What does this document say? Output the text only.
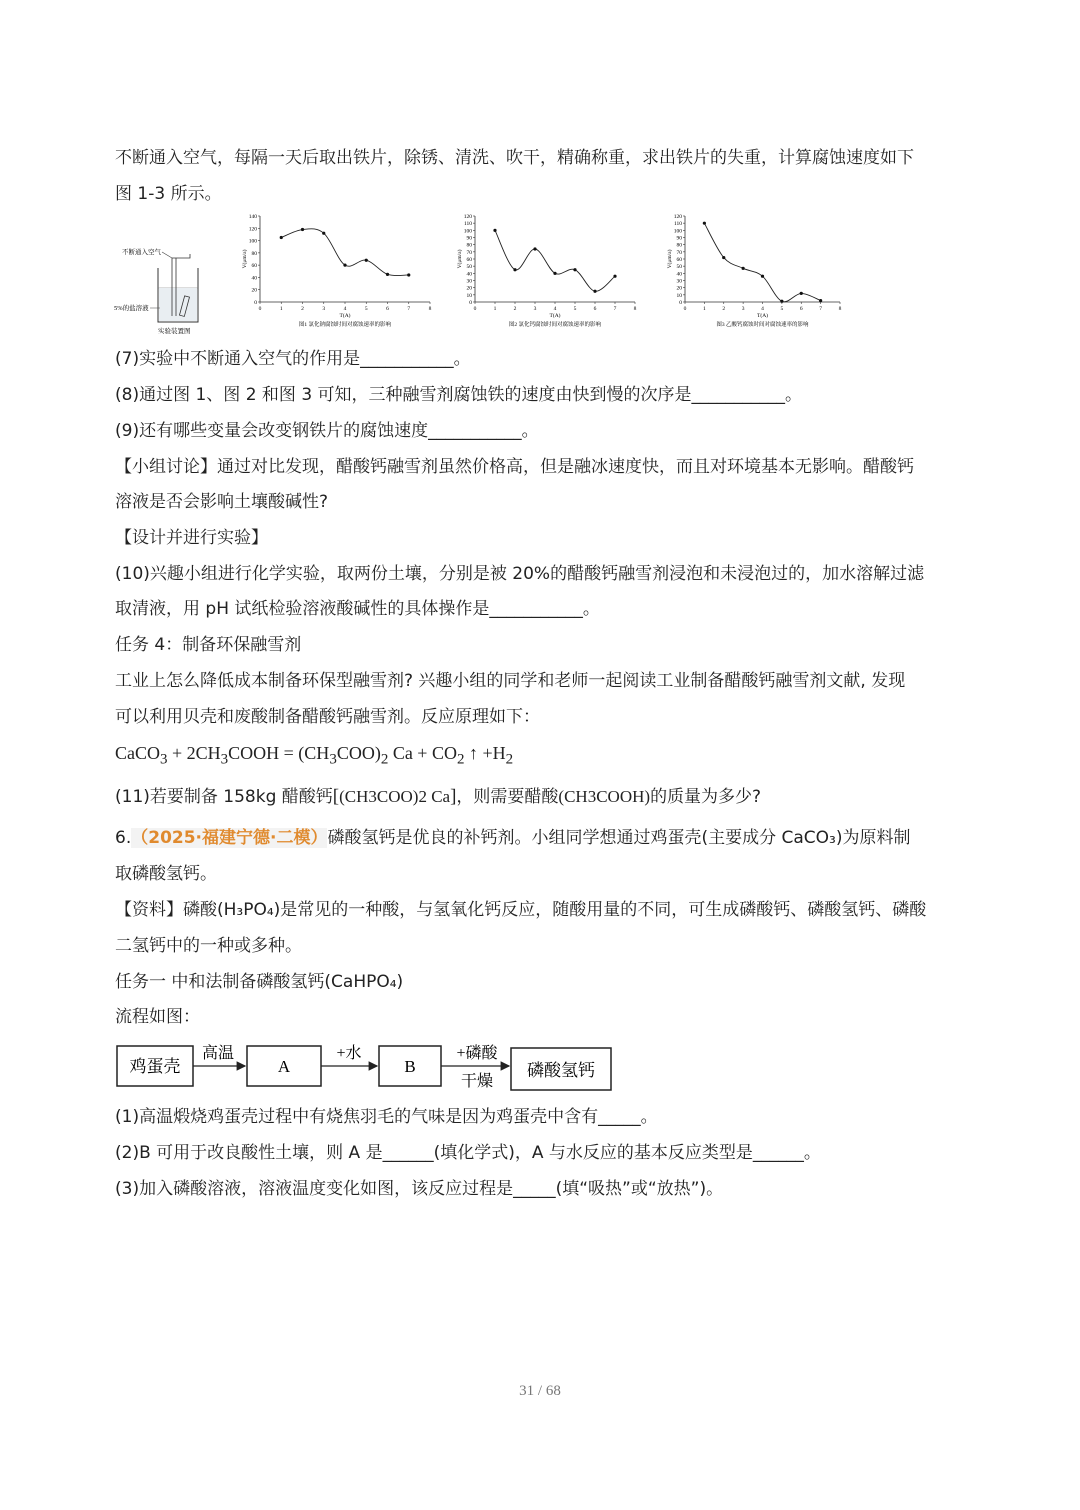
不断通入空气，每隔一天后取出铁片，除锈、清洗、吹干，精确称重，求出铁片的失重，计算腐蚀速度如下
图 1-3 所示。
不断通入空气
5%的盐溶液
实验装置图
0
20
40
60
80
100
120
140
0	1	2	3	4	5	6	7	8
T(A)
V(μm/a)
图1 氯化钠腐蚀时间对腐蚀速率的影响
0
10
20
30
40
50
60
70
80
90
100
110
120
0	1	2	3	4	5	6	7	8
T(A)
V(μm/a)
图2 氯化钙腐蚀时间对腐蚀速率的影响
0
10
20
30
40
50
60
70
80
90
100
110
120
0	1	2	3	4	5	6	7	8
T(A)
V(μm/a)
图3 乙酸钙腐蚀时间对腐蚀速率的影响
(7)实验中不断通入空气的作用是___________。
(8)通过图 1、图 2 和图 3 可知，三种融雪剂腐蚀铁的速度由快到慢的次序是___________。
(9)还有哪些变量会改变钢铁片的腐蚀速度___________。
【小组讨论】通过对比发现，醋酸钙融雪剂虽然价格高，但是融冰速度快，而且对环境基本无影响。醋酸钙
溶液是否会影响土壤酸碱性?
【设计并进行实验】
(10)兴趣小组进行化学实验，取两份土壤，分别是被 20%的醋酸钙融雪剂浸泡和未浸泡过的，加水溶解过滤
取清液，用 pH 试纸检验溶液酸碱性的具体操作是___________。
任务 4：制备环保融雪剂
工业上怎么降低成本制备环保型融雪剂? 兴趣小组的同学和老师一起阅读工业制备醋酸钙融雪剂文献, 发现
可以利用贝壳和废酸制备醋酸钙融雪剂。反应原理如下：
CaCO$_3$ + $2CH_3COOH = (CH_3COO)_2$ $Ca + CO_2$ ↑ $+H_2$
(11)若要制备 158kg 醋酸钙[(CH3COO)2 Ca]，则需要醋酸(CH3COOH)的质量为多少?
6.（2025·福建宁德·二模）磷酸氢钙是优良的补钙剂。小组同学想通过鸡蛋壳(主要成分 CaCO₃)为原料制
取磷酸氢钙。
【资料】磷酸(H₃PO₄)是常见的一种酸，与氢氧化钙反应，随酸用量的不同，可生成磷酸钙、磷酸氢钙、磷酸
二氢钙中的一种或多种。
任务一 中和法制备磷酸氢钙(CaHPO₄)
流程如图：
鸡蛋壳
高温
A
+水
B
+磷酸
干燥
磷酸氢钙
(1)高温煅烧鸡蛋壳过程中有烧焦羽毛的气味是因为鸡蛋壳中含有_____。
(2)B 可用于改良酸性土壤，则 A 是______(填化学式)，A 与水反应的基本反应类型是______。
(3)加入磷酸溶液，溶液温度变化如图，该反应过程是_____(填“吸热”或“放热”)。
31 / 68
